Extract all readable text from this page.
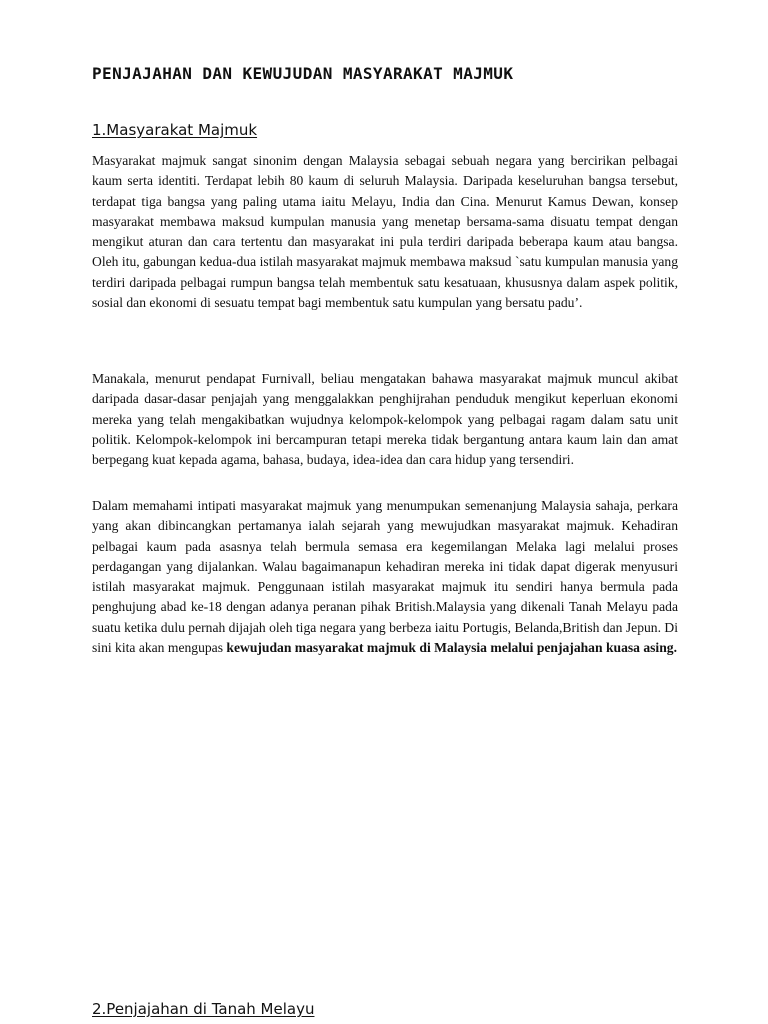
PENJAJAHAN DAN KEWUJUDAN MASYARAKAT MAJMUK
1.Masyarakat Majmuk

Masyarakat majmuk sangat sinonim dengan Malaysia sebagai sebuah negara yang bercirikan pelbagai kaum serta identiti. Terdapat lebih 80 kaum di seluruh Malaysia. Daripada keseluruhan bangsa tersebut, terdapat tiga bangsa yang paling utama iaitu Melayu, India dan Cina. Menurut Kamus Dewan, konsep masyarakat membawa maksud kumpulan manusia yang menetap bersama-sama disuatu tempat dengan mengikut aturan dan cara tertentu dan masyarakat ini pula terdiri daripada beberapa kaum atau bangsa. Oleh itu, gabungan kedua-dua istilah masyarakat majmuk membawa maksud `satu kumpulan manusia yang terdiri daripada pelbagai rumpun bangsa telah membentuk satu kesatuaan, khususnya dalam aspek politik, sosial dan ekonomi di sesuatu tempat bagi membentuk satu kumpulan yang bersatu padu’.

Manakala, menurut pendapat Furnivall, beliau mengatakan bahawa masyarakat majmuk muncul akibat daripada dasar-dasar penjajah yang menggalakkan penghijrahan penduduk mengikut keperluan ekonomi mereka yang telah mengakibatkan wujudnya kelompok-kelompok yang pelbagai ragam dalam satu unit politik. Kelompok-kelompok ini bercampuran tetapi mereka tidak bergantung antara kaum lain dan amat berpegang kuat kepada agama, bahasa, budaya, idea-idea dan cara hidup yang tersendiri.

Dalam memahami intipati masyarakat majmuk yang menumpukan semenanjung Malaysia sahaja, perkara yang akan dibincangkan pertamanya ialah sejarah yang mewujudkan masyarakat majmuk. Kehadiran pelbagai kaum pada asasnya telah bermula semasa era kegemilangan Melaka lagi melalui proses perdagangan yang dijalankan. Walau bagaimanapun kehadiran mereka ini tidak dapat digerak menyusuri istilah masyarakat majmuk. Penggunaan istilah masyarakat majmuk itu sendiri hanya bermula pada penghujung abad ke-18 dengan adanya peranan pihak British.Malaysia yang dikenali Tanah Melayu pada suatu ketika dulu pernah dijajah oleh tiga negara yang berbeza iaitu Portugis, Belanda,British dan Jepun. Di sini kita akan mengupas kewujudan masyarakat majmuk di Malaysia melalui penjajahan kuasa asing.

2.Penjajahan di Tanah Melayu
